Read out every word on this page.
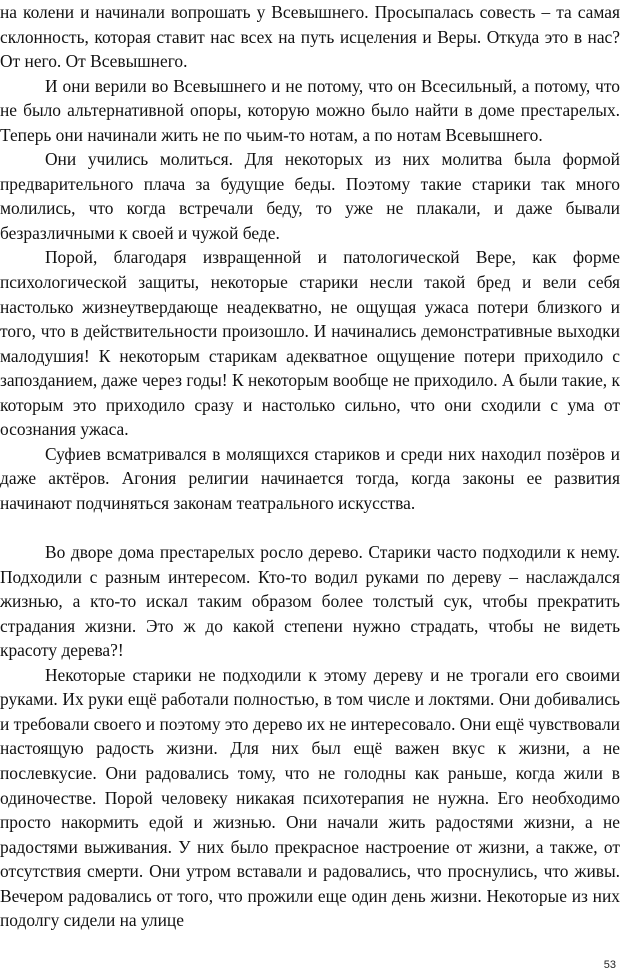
на колени и начинали вопрошать у Всевышнего. Просыпалась совесть – та самая склонность, которая ставит нас всех на путь исцеления и Веры. Откуда это в нас? От него. От Всевышнего.

И они верили во Всевышнего и не потому, что он Всесильный, а потому, что не было альтернативной опоры, которую можно было найти в доме престарелых. Теперь они начинали жить не по чьим-то нотам, а по нотам Всевышнего.

Они учились молиться. Для некоторых из них молитва была формой предварительного плача за будущие беды. Поэтому такие старики так много молились, что когда встречали беду, то уже не плакали, и даже бывали безразличными к своей и чужой беде.

Порой, благодаря извращенной и патологической Вере, как форме психологической защиты, некоторые старики несли такой бред и вели себя настолько жизнеутвердающе неадекватно, не ощущая ужаса потери близкого и того, что в действительности произошло. И начинались демонстративные выходки малодушия! К некоторым старикам адекватное ощущение потери приходило с запозданием, даже через годы! К некоторым вообще не приходило. А были такие, к которым это приходило сразу и настолько сильно, что они сходили с ума от осознания ужаса.

Суфиев всматривался в молящихся стариков и среди них находил позёров и даже актёров. Агония религии начинается тогда, когда законы ее развития начинают подчиняться законам театрального искусства.

Во дворе дома престарелых росло дерево. Старики часто подходили к нему. Подходили с разным интересом. Кто-то водил руками по дереву – наслаждался жизнью, а кто-то искал таким образом более толстый сук, чтобы прекратить страдания жизни. Это ж до какой степени нужно страдать, чтобы не видеть красоту дерева?!

Некоторые старики не подходили к этому дереву и не трогали его своими руками. Их руки ещё работали полностью, в том числе и локтями. Они добивались и требовали своего и поэтому это дерево их не интересовало. Они ещё чувствовали настоящую радость жизни. Для них был ещё важен вкус к жизни, а не послевкусие. Они радовались тому, что не голодны как раньше, когда жили в одиночестве. Порой человеку никакая психотерапия не нужна. Его необходимо просто накормить едой и жизнью. Они начали жить радостями жизни, а не радостями выживания. У них было прекрасное настроение от жизни, а также, от отсутствия смерти. Они утром вставали и радовались, что проснулись, что живы. Вечером радовались от того, что прожили еще один день жизни. Некоторые из них подолгу сидели на улице

53
